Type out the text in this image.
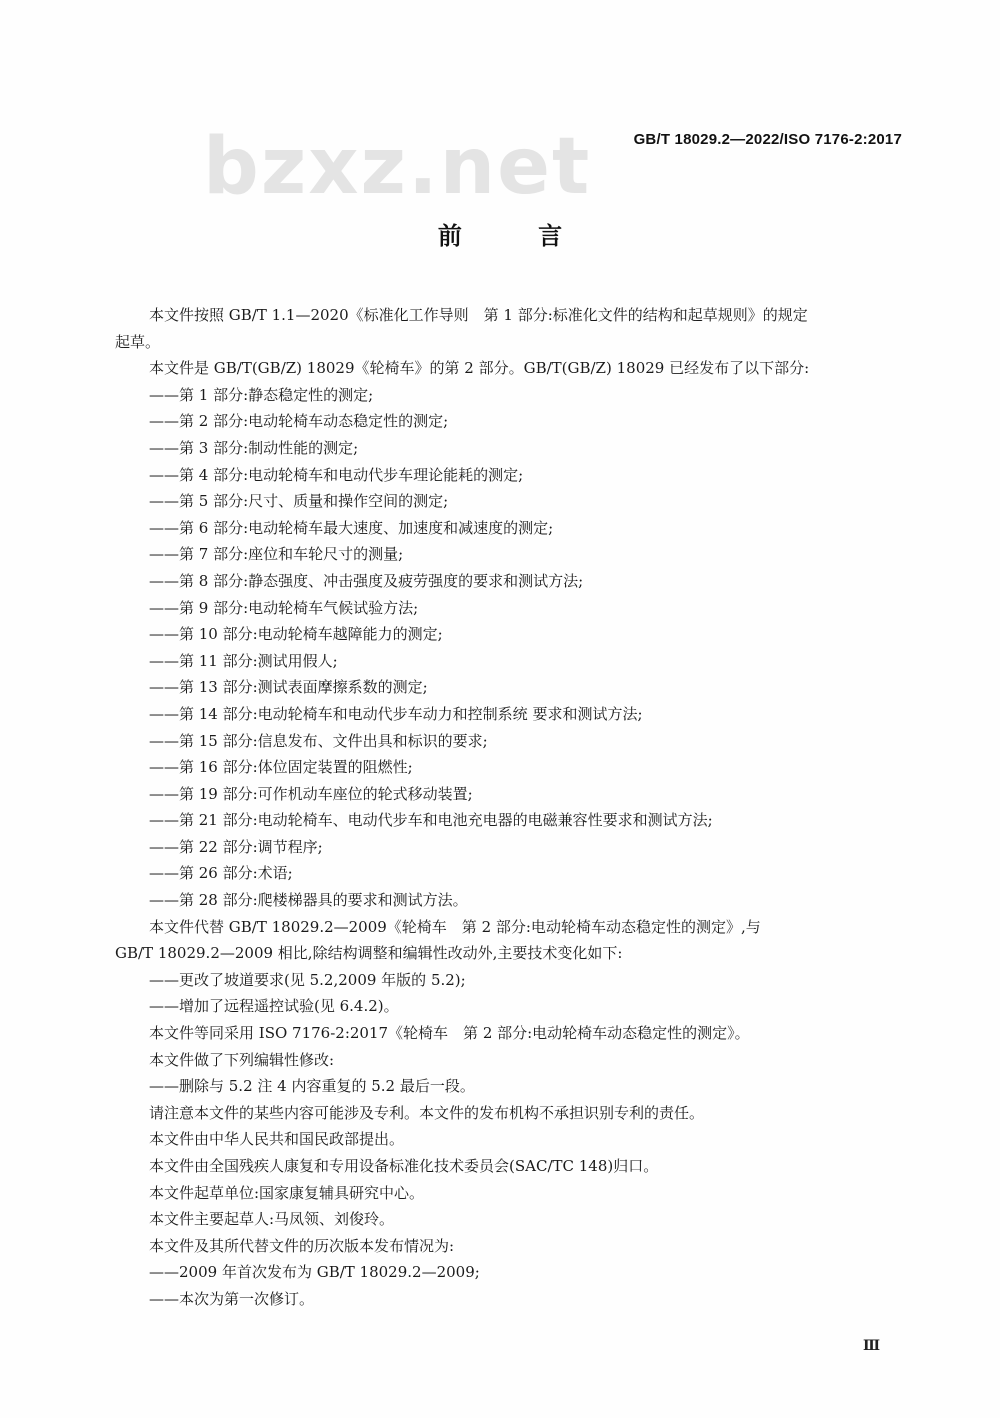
GB/T 18029.2—2022/ISO 7176-2:2017
bzxz.net
前 言

本文件按照 GB/T 1.1—2020《标准化工作导则　第 1 部分:标准化文件的结构和起草规则》的规定

起草。

本文件是 GB/T(GB/Z) 18029《轮椅车》的第 2 部分。GB/T(GB/Z) 18029 已经发布了以下部分:

——第 1 部分:静态稳定性的测定;

——第 2 部分:电动轮椅车动态稳定性的测定;

——第 3 部分:制动性能的测定;

——第 4 部分:电动轮椅车和电动代步车理论能耗的测定;

——第 5 部分:尺寸、质量和操作空间的测定;

——第 6 部分:电动轮椅车最大速度、加速度和减速度的测定;

——第 7 部分:座位和车轮尺寸的测量;

——第 8 部分:静态强度、冲击强度及疲劳强度的要求和测试方法;

——第 9 部分:电动轮椅车气候试验方法;

——第 10 部分:电动轮椅车越障能力的测定;

——第 11 部分:测试用假人;

——第 13 部分:测试表面摩擦系数的测定;

——第 14 部分:电动轮椅车和电动代步车动力和控制系统 要求和测试方法;

——第 15 部分:信息发布、文件出具和标识的要求;

——第 16 部分:体位固定装置的阻燃性;

——第 19 部分:可作机动车座位的轮式移动装置;

——第 21 部分:电动轮椅车、电动代步车和电池充电器的电磁兼容性要求和测试方法;

——第 22 部分:调节程序;

——第 26 部分:术语;

——第 28 部分:爬楼梯器具的要求和测试方法。

本文件代替 GB/T 18029.2—2009《轮椅车　第 2 部分:电动轮椅车动态稳定性的测定》,与

GB/T 18029.2—2009 相比,除结构调整和编辑性改动外,主要技术变化如下:

——更改了坡道要求(见 5.2,2009 年版的 5.2);

——增加了远程遥控试验(见 6.4.2)。

本文件等同采用 ISO 7176-2:2017《轮椅车　第 2 部分:电动轮椅车动态稳定性的测定》。

本文件做了下列编辑性修改:

——删除与 5.2 注 4 内容重复的 5.2 最后一段。

请注意本文件的某些内容可能涉及专利。本文件的发布机构不承担识别专利的责任。

本文件由中华人民共和国民政部提出。

本文件由全国残疾人康复和专用设备标准化技术委员会(SAC/TC 148)归口。

本文件起草单位:国家康复辅具研究中心。

本文件主要起草人:马凤领、刘俊玲。

本文件及其所代替文件的历次版本发布情况为:

——2009 年首次发布为 GB/T 18029.2—2009;

——本次为第一次修订。

Ⅲ
